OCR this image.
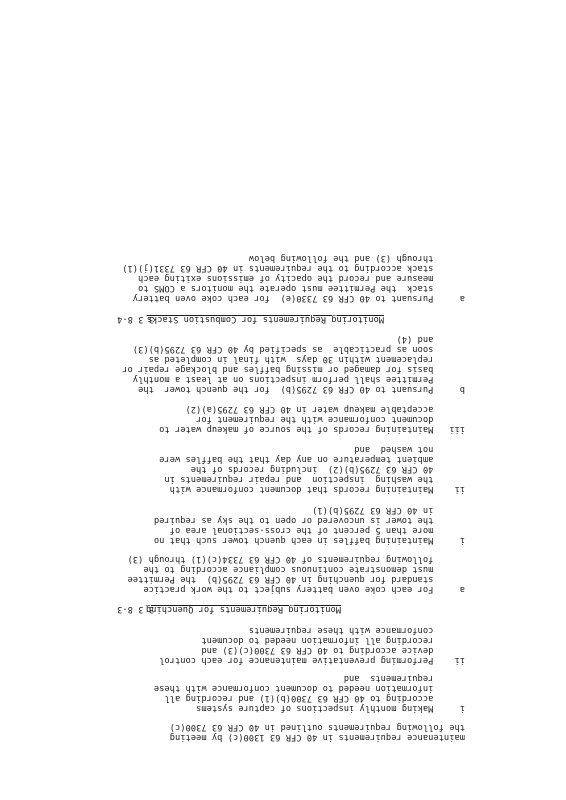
maintenance requirements in 40 CFR 63 1300(c) by meeting
the following requirements outlined in 40 CFR 63 7300(c)
i     Making monthly inspections of capture systems
according to 40 CFR 63 7300(b)(1) and recording all
information needed to document conformance with these
requirements  and
ii    Performing preventative maintenance for each control
device according to 40 CFR 63 7300(c)(3) and
recording all information needed to document
conformance with these requirements
3 3 8-3
Monitoring Requirements for Quenching
a     For each coke oven battery subject to the work practice
standard for quenching in 40 CFR 63 7295(b)  the Permittee
must demonstrate continuous compliance according to the
following requirements of 40 CFR 63 7334(c)(1) through (3)
i     Maintaining baffles in each quench tower such that no
more than 5 percent of the cross-sectional area of
the tower is uncovered or open to the sky as required
in 40 CFR 63 7295(b)(1)
ii    Maintaining records that document conformance with
the washing  inspection  and repair requirements in
40 CFR 63 7295(b)(2)  including records of the
ambient temperature on any day that the baffles were
not washed  and
iii   Maintaining records of the source of makeup water to
document conformance with the requirement for
acceptable makeup water in 40 CFR 63 7295(a)(2)
b     Pursuant to 40 CFR 63 7295(b)  for the quench tower  the
Permittee shall perform inspections on at least a monthly
basis for damaged or missing baffles and blockage repair or
replacement within 30 days  with final in completed as
soon as practicable  as specified by 40 CFR 63 7295(b)(3)
and (4)
3 3 8-4
Monitoring Requirements for Combustion Stacks
a     Pursuant to 40 CFR 63 7330(e)  for each coke oven battery
stack  the Permittee must operate the monitors a COMS to
measure and record the opacity of emissions exiting each
stack according to the requirements in 40 CFR 63 7331(j)(1)
through (3) and the following below
